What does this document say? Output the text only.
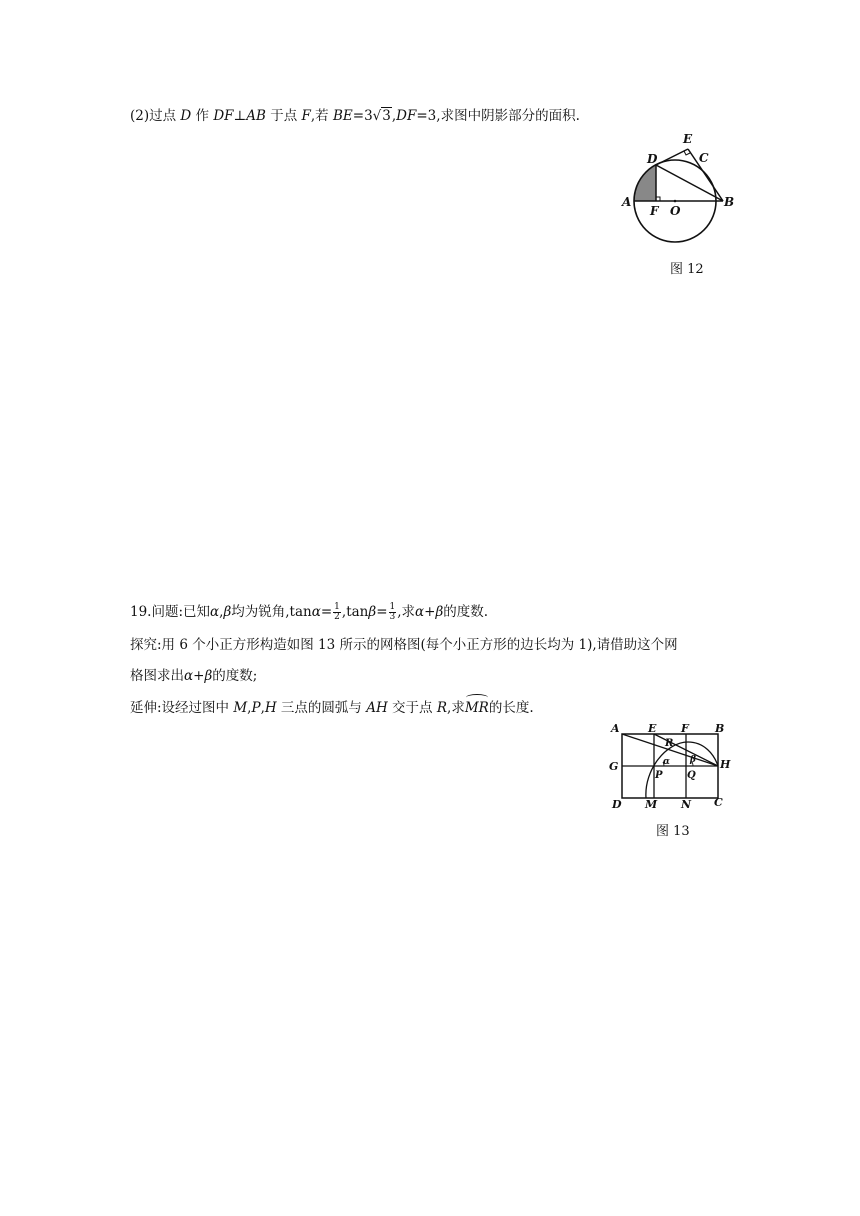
(2)过点 D 作 DF⊥AB 于点 F,若 BE=3√3,DF=3,求图中阴影部分的面积.
E
D	C
A	B
F O
图 12
19.问题:已知α,β均为锐角$,\tan\alpha= \frac{1}{2} ,\tan\beta= \frac{1}{3}$ ,求α+β的度数.
探究:用 6 个小正方形构造如图 13 所示的网格图(每个小正方形的边长均为 1),请借助这个网
格图求出α+β的度数;
延伸:设经过图中 M,P,H 三点的圆弧与 AH 交于点 R,求MR的长度.
A	E F B
G	H
D M N C
R
P Q
α β
图 13
